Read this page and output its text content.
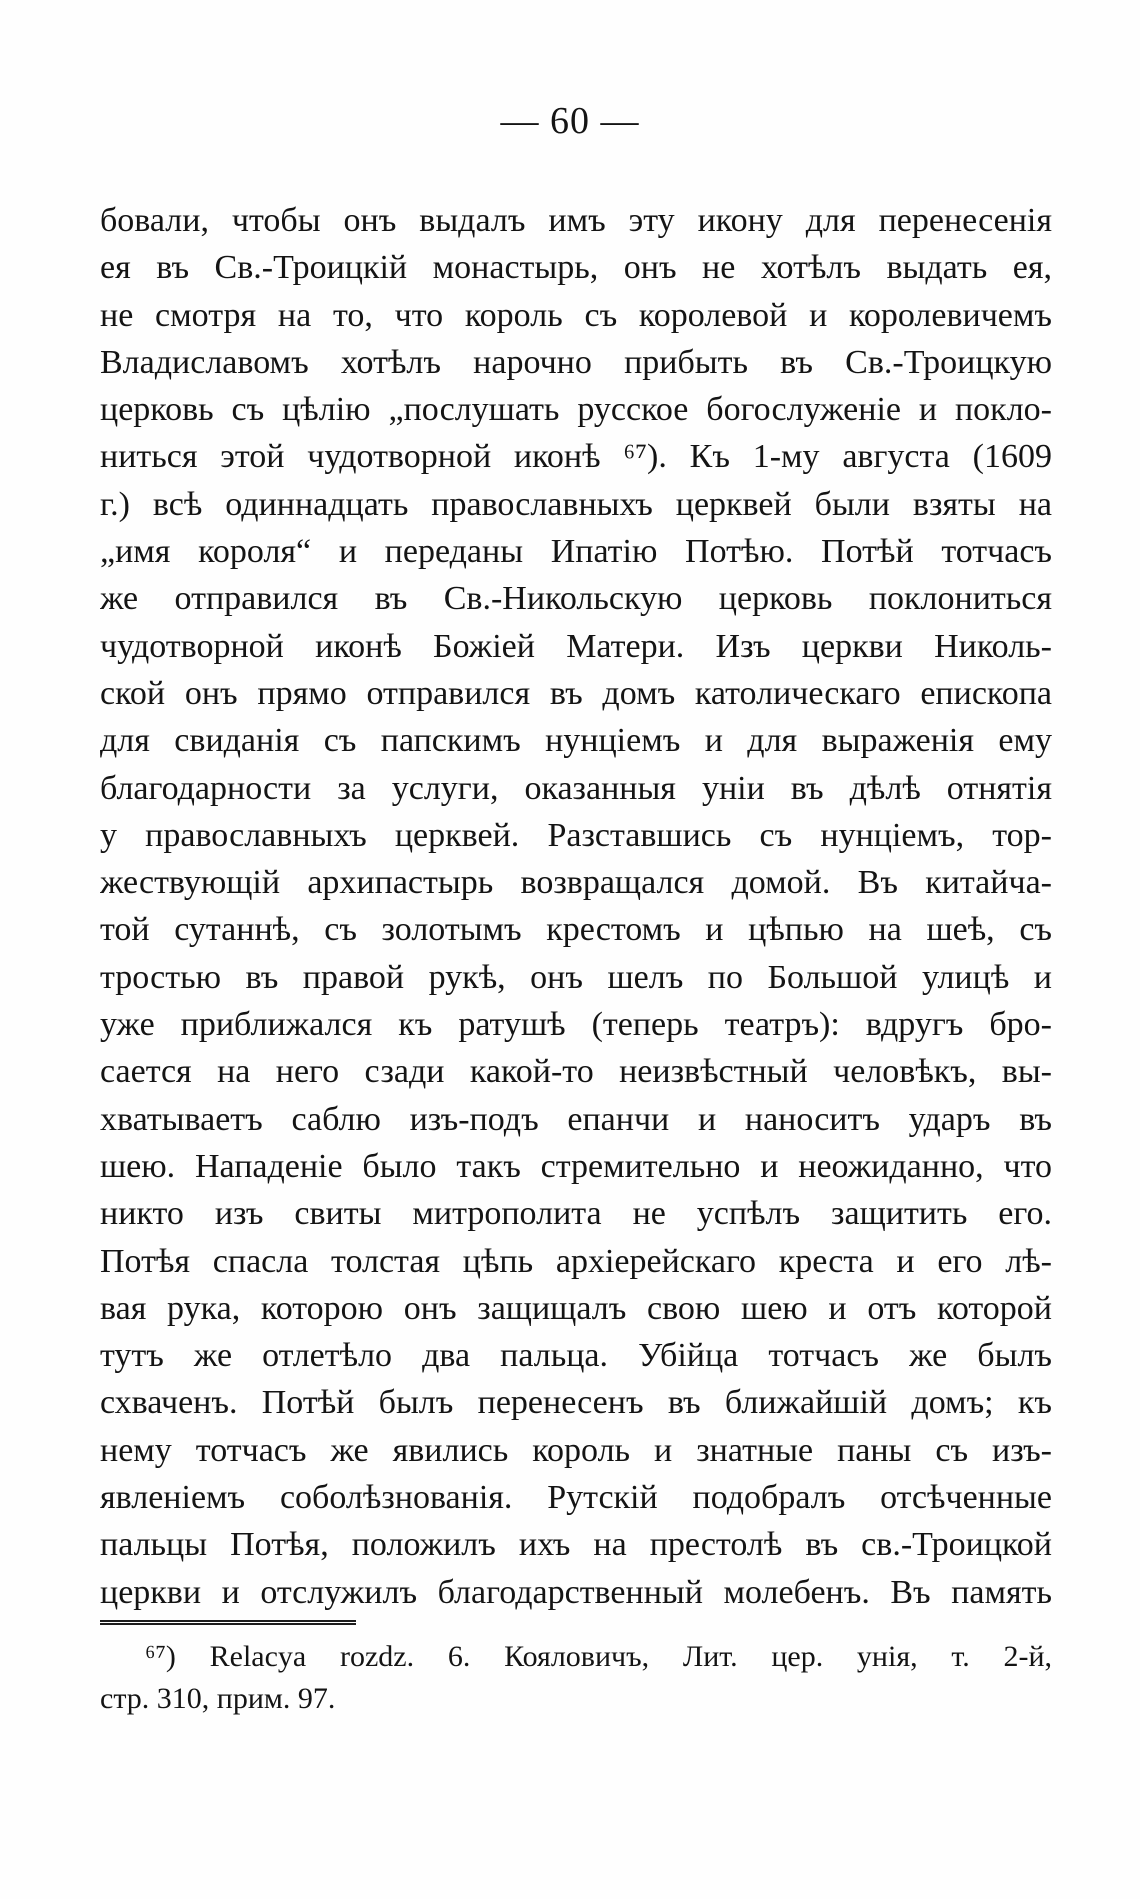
— 60 —
бовали, чтобы онъ выдалъ имъ эту икону для перенесенія
ея въ Св.-Троицкій монастырь, онъ не хотѣлъ выдать ея,
не смотря на то, что король съ королевой и королевичемъ
Владиславомъ хотѣлъ нарочно прибыть въ Св.-Троицкую
церковь съ цѣлію „послушать русское богослуженіе и покло-
ниться этой чудотворной иконѣ ⁶⁷). Къ 1-му августа (1609
г.) всѣ одиннадцать православныхъ церквей были взяты на
„имя короля“ и переданы Ипатію Потѣю. Потѣй тотчасъ
же отправился въ Св.-Никольскую церковь поклониться
чудотворной иконѣ Божіей Матери. Изъ церкви Николь-
ской онъ прямо отправился въ домъ католическаго епископа
для свиданія съ папскимъ нунціемъ и для выраженія ему
благодарности за услуги, оказанныя уніи въ дѣлѣ отнятія
у православныхъ церквей. Разставшись съ нунціемъ, тор-
жествующій архипастырь возвращался домой. Въ китайча-
той сутаннѣ, съ золотымъ крестомъ и цѣпью на шеѣ, съ
тростью въ правой рукѣ, онъ шелъ по Большой улицѣ и
уже приближался къ ратушѣ (теперь театръ): вдругъ бро-
сается на него сзади какой-то неизвѣстный человѣкъ, вы-
хватываетъ саблю изъ-подъ епанчи и наноситъ ударъ въ
шею. Нападеніе было такъ стремительно и неожиданно, что
никто изъ свиты митрополита не успѣлъ защитить его.
Потѣя спасла толстая цѣпь архіерейскаго креста и его лѣ-
вая рука, которою онъ защищалъ свою шею и отъ которой
тутъ же отлетѣло два пальца. Убійца тотчасъ же былъ
схваченъ. Потѣй былъ перенесенъ въ ближайшій домъ; къ
нему тотчасъ же явились король и знатные паны съ изъ-
явленіемъ соболѣзнованія. Рутскій подобралъ отсѣченные
пальцы Потѣя, положилъ ихъ на престолѣ въ св.-Троицкой
церкви и отслужилъ благодарственный молебенъ. Въ память
⁶⁷) Relacya rozdz. 6. Кояловичъ, Лит. цер. унія, т. 2-й,
стр. 310, прим. 97.
